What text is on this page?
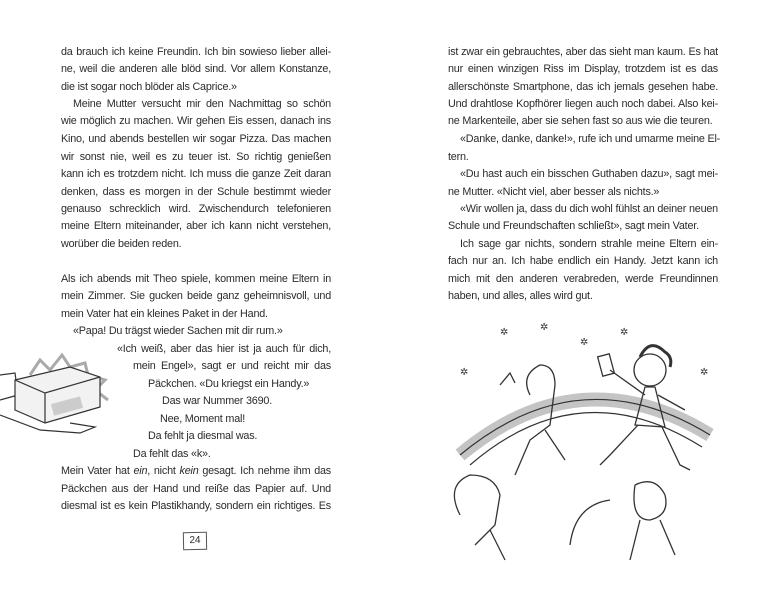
da brauch ich keine Freundin. Ich bin sowieso lieber allei-
ne, weil die anderen alle blöd sind. Vor allem Konstanze,
die ist sogar noch blöder als Caprice.»
Meine Mutter versucht mir den Nachmittag so schön
wie möglich zu machen. Wir gehen Eis essen, danach ins
Kino, und abends bestellen wir sogar Pizza. Das machen
wir sonst nie, weil es zu teuer ist. So richtig genießen
kann ich es trotzdem nicht. Ich muss die ganze Zeit daran
denken, dass es morgen in der Schule bestimmt wieder
genauso schrecklich wird. Zwischendurch telefonieren
meine Eltern miteinander, aber ich kann nicht verstehen,
worüber die beiden reden.
Als ich abends mit Theo spiele, kommen meine Eltern in
mein Zimmer. Sie gucken beide ganz geheimnisvoll, und
mein Vater hat ein kleines Paket in der Hand.
«Papa! Du trägst wieder Sachen mit dir rum.»
«Ich weiß, aber das hier ist ja auch für dich,
mein Engel», sagt er und reicht mir das
Päckchen. «Du kriegst ein Handy.»
Das war Nummer 3690.
Nee, Moment mal!
Da fehlt ja diesmal was.
Da fehlt das «k».
Mein Vater hat ein, nicht kein gesagt. Ich nehme ihm das
Päckchen aus der Hand und reiße das Papier auf. Und
diesmal ist es kein Plastikhandy, sondern ein richtiges. Es
24
ist zwar ein gebrauchtes, aber das sieht man kaum. Es hat
nur einen winzigen Riss im Display, trotzdem ist es das
allerschönste Smartphone, das ich jemals gesehen habe.
Und drahtlose Kopfhörer liegen auch noch dabei. Also kei-
ne Markenteile, aber sie sehen fast so aus wie die teuren.
«Danke, danke, danke!», rufe ich und umarme meine El-
tern.
«Du hast auch ein bisschen Guthaben dazu», sagt mei-
ne Mutter. «Nicht viel, aber besser als nichts.»
«Wir wollen ja, dass du dich wohl fühlst an deiner neuen
Schule und Freundschaften schließt», sagt mein Vater.
Ich sage gar nichts, sondern strahle meine Eltern ein-
fach nur an. Ich habe endlich ein Handy. Jetzt kann ich
mich mit den anderen verabreden, werde Freundinnen
haben, und alles, alles wird gut.
✲	✲	✲
✲	✲
✲
